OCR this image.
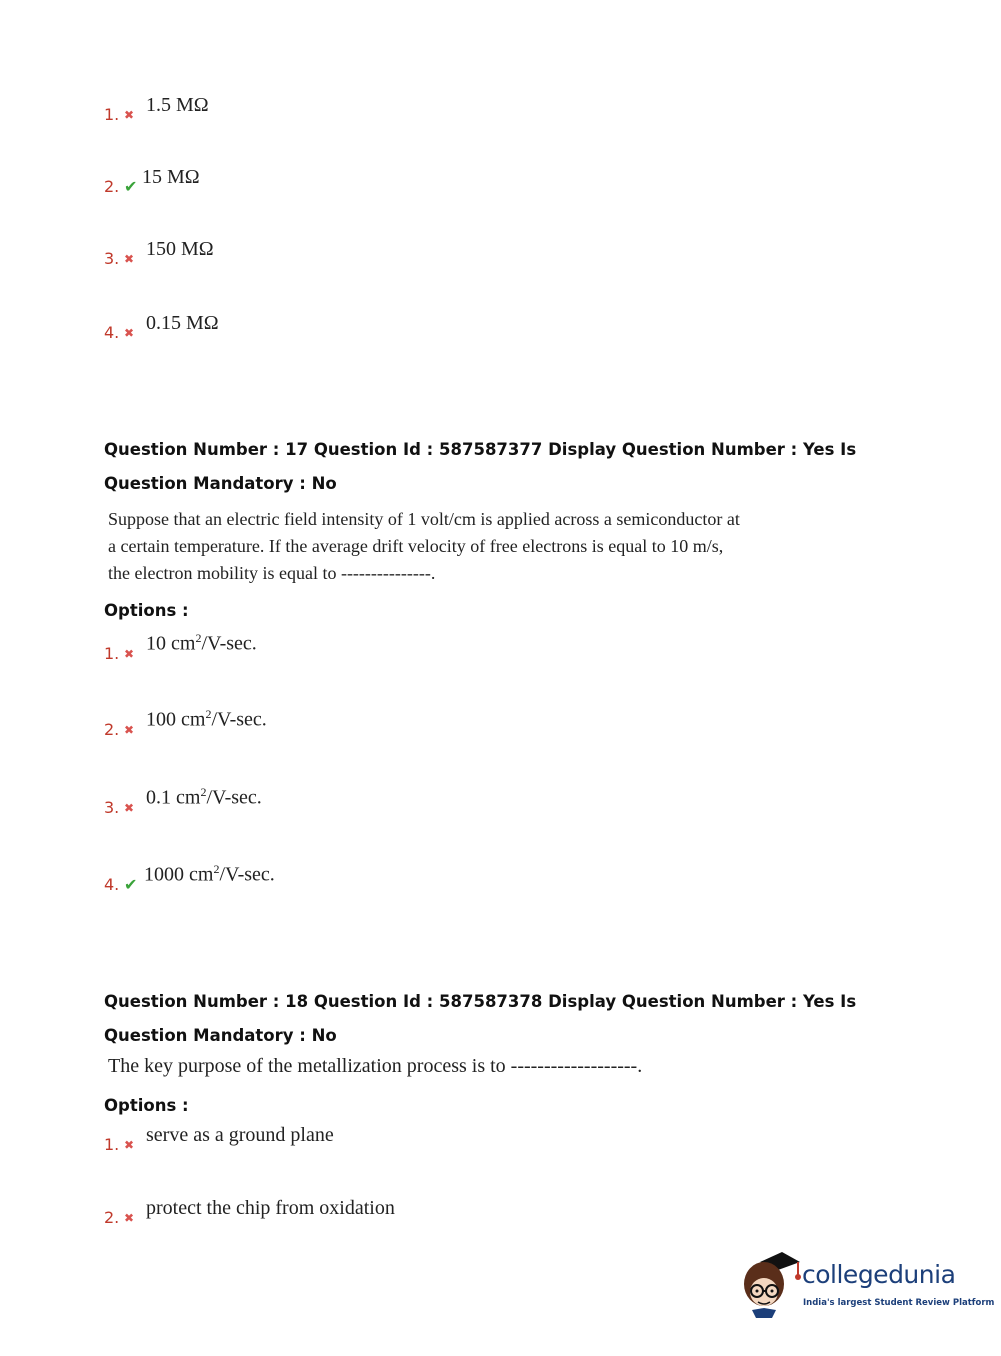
1. ✖ 1.5 MΩ
2. ✔ 15 MΩ
3. ✖ 150 MΩ
4. ✖ 0.15 MΩ
Question Number : 17 Question Id : 587587377 Display Question Number : Yes Is Question Mandatory : No
Suppose that an electric field intensity of 1 volt/cm is applied across a semiconductor at a certain temperature. If the average drift velocity of free electrons is equal to 10 m/s, the electron mobility is equal to ---------------.
Options :
1. ✖ 10 $cm^2/V-\sec$.
2. ✖ 100 $cm^2/V-\sec$.
3. ✖ 0.1 $cm^2/V-\sec$.
4. ✔ 1000 $cm^2/V-\sec$.
Question Number : 18 Question Id : 587587378 Display Question Number : Yes Is Question Mandatory : No
The key purpose of the metallization process is to -------------------.
Options :
1. ✖ serve as a ground plane
2. ✖ protect the chip from oxidation
collegedunia
India's largest Student Review Platform
